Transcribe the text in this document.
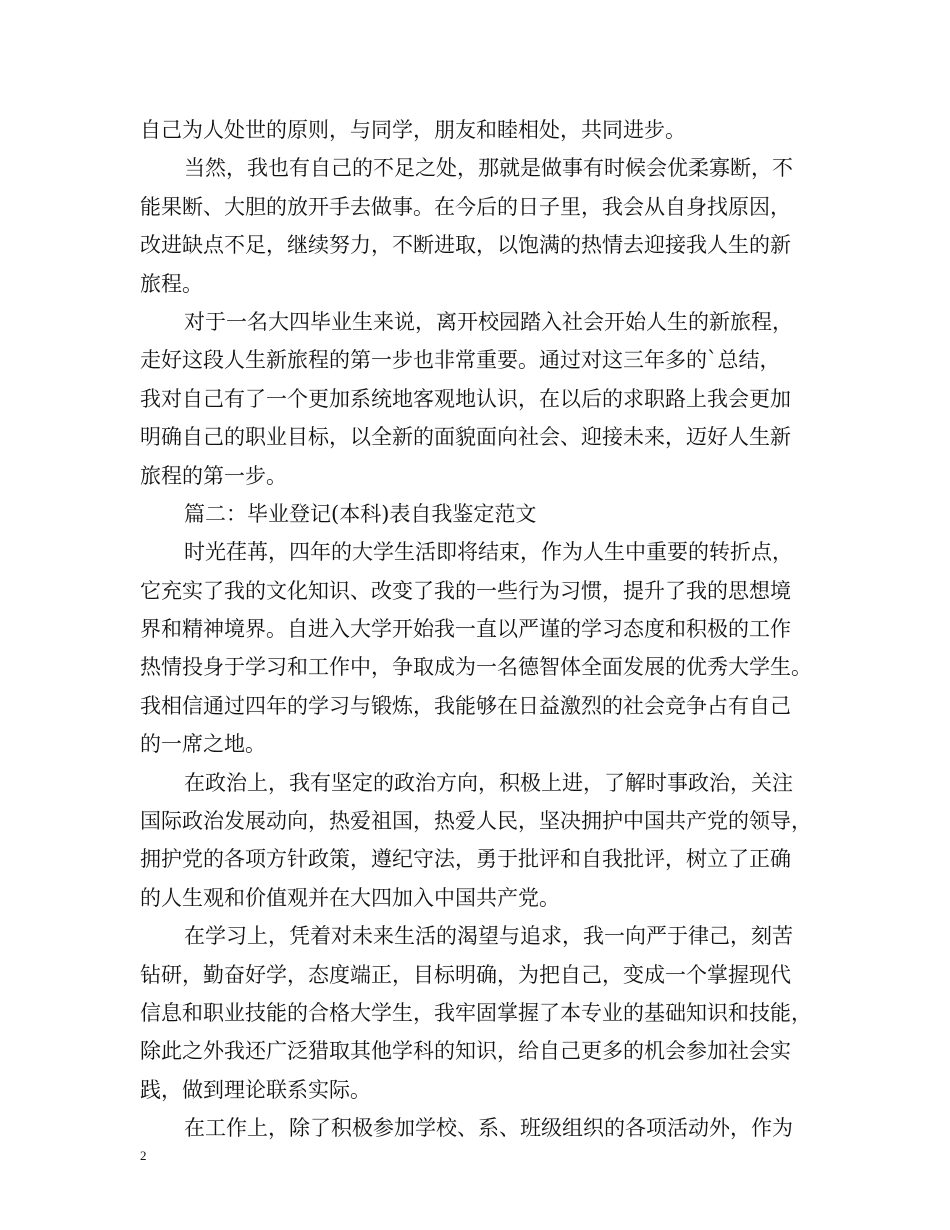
自己为人处世的原则，与同学，朋友和睦相处，共同进步。
当然，我也有自己的不足之处，那就是做事有时候会优柔寡断，不
能果断、大胆的放开手去做事。在今后的日子里，我会从自身找原因，
改进缺点不足，继续努力，不断进取，以饱满的热情去迎接我人生的新
旅程。
对于一名大四毕业生来说，离开校园踏入社会开始人生的新旅程，
走好这段人生新旅程的第一步也非常重要。通过对这三年多的`总结，
我对自己有了一个更加系统地客观地认识，在以后的求职路上我会更加
明确自己的职业目标，以全新的面貌面向社会、迎接未来，迈好人生新
旅程的第一步。
篇二：毕业登记(本科)表自我鉴定范文
时光荏苒，四年的大学生活即将结束，作为人生中重要的转折点，
它充实了我的文化知识、改变了我的一些行为习惯，提升了我的思想境
界和精神境界。自进入大学开始我一直以严谨的学习态度和积极的工作
热情投身于学习和工作中，争取成为一名德智体全面发展的优秀大学生。
我相信通过四年的学习与锻炼，我能够在日益激烈的社会竞争占有自己
的一席之地。
在政治上，我有坚定的政治方向，积极上进，了解时事政治，关注
国际政治发展动向，热爱祖国，热爱人民，坚决拥护中国共产党的领导，
拥护党的各项方针政策，遵纪守法，勇于批评和自我批评，树立了正确
的人生观和价值观并在大四加入中国共产党。
在学习上，凭着对未来生活的渴望与追求，我一向严于律己，刻苦
钻研，勤奋好学，态度端正，目标明确，为把自己，变成一个掌握现代
信息和职业技能的合格大学生，我牢固掌握了本专业的基础知识和技能，
除此之外我还广泛猎取其他学科的知识，给自己更多的机会参加社会实
践，做到理论联系实际。
在工作上，除了积极参加学校、系、班级组织的各项活动外，作为
2
